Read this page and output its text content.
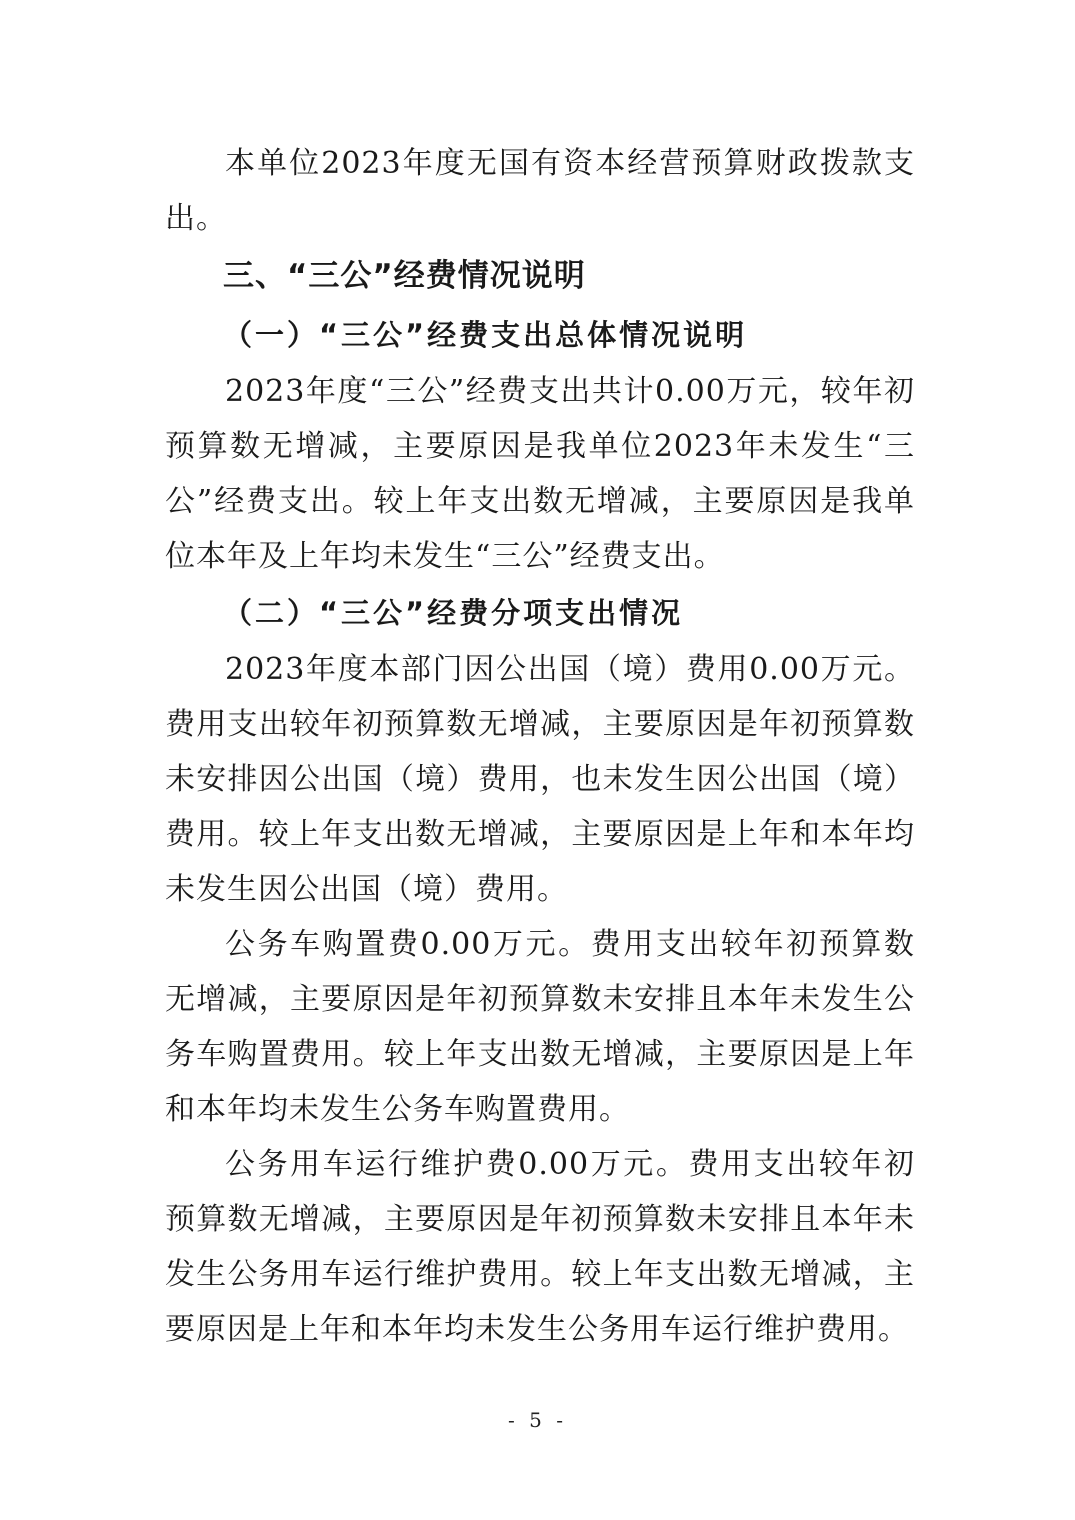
本单位2023年度无国有资本经营预算财政拨款支出。

三、“三公”经费情况说明
（一）“三公”经费支出总体情况说明

2023年度“三公”经费支出共计0.00万元，较年初预算数无增减，主要原因是我单位2023年未发生“三公”经费支出。较上年支出数无增减，主要原因是我单位本年及上年均未发生“三公”经费支出。

（二）“三公”经费分项支出情况

2023年度本部门因公出国（境）费用0.00万元。费用支出较年初预算数无增减，主要原因是年初预算数未安排因公出国（境）费用，也未发生因公出国（境）费用。较上年支出数无增减，主要原因是上年和本年均未发生因公出国（境）费用。

公务车购置费0.00万元。费用支出较年初预算数无增减，主要原因是年初预算数未安排且本年未发生公务车购置费用。较上年支出数无增减，主要原因是上年和本年均未发生公务车购置费用。

公务用车运行维护费0.00万元。费用支出较年初预算数无增减，主要原因是年初预算数未安排且本年未发生公务用车运行维护费用。较上年支出数无增减，主要原因是上年和本年均未发生公务用车运行维护费用。

- 5 -
